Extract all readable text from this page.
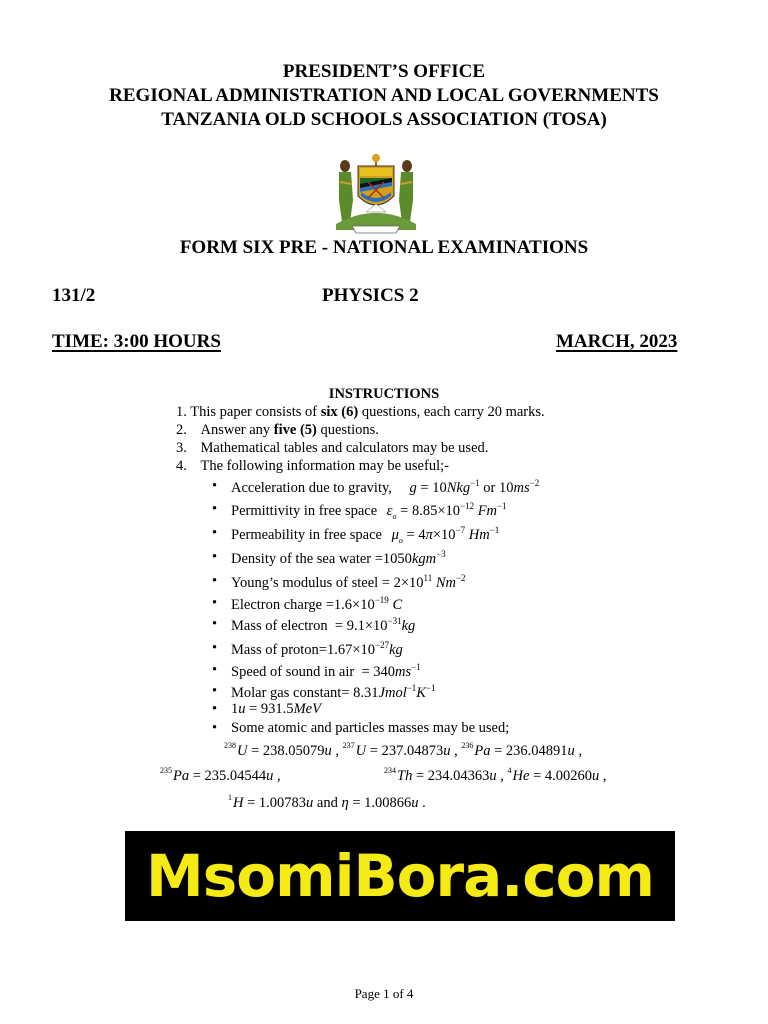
PRESIDENT’S OFFICE
REGIONAL ADMINISTRATION AND LOCAL GOVERNMENTS
TANZANIA OLD SCHOOLS ASSOCIATION (TOSA)
FORM SIX PRE - NATIONAL EXAMINATIONS
131/2	PHYSICS 2
TIME: 3:00 HOURS	MARCH, 2023
INSTRUCTIONS
1. This paper consists of six (6) questions, each carry 20 marks.
2. Answer any five (5) questions.
3. Mathematical tables and calculators may be used.
4. The following information may be useful;-
• Acceleration due to gravity, g = 10Nkg$^{-1}$ or $10ms^{-2}$
• Permittivity in free space $\varepsilon_o = 8.85\times 10^{-12}$ $Fm^{-1}$
• Permeability in free space $\mu_o = 4\pi\times 10^{-7}$ $Hm^{-1}$
• Density of the sea water =1050kgm$^{-3}$
• Young’s modulus of steel = $2\times 10^{11}$ $Nm^{-2}$
• Electron charge $=1.6\times 10^{-19}$ C
• Mass of electron  = $9.1\times 10^{-31}kg$
• Mass of $proton=1.67\times 10^{-27}kg$
• Speed of sound in air  = $340ms^{-1}$
• Molar gas constant= $8.31Jmol^{-1}K^{-1}$
• 1u = 931.5MeV
• Some atomic and particles masses may be used;
$^{238}$U = 238.05079u , $^{237}$U = 237.04873u , $^{236}$Pa = 236.04891u ,
$^{235}$Pa = 235.04544u ,	$^{234}$Th = 234.04363u , $^4$He = 4.00260u ,
$^1$H = 1.00783u and η = 1.00866u .
MsomiBora.com
Page 1 of 4
